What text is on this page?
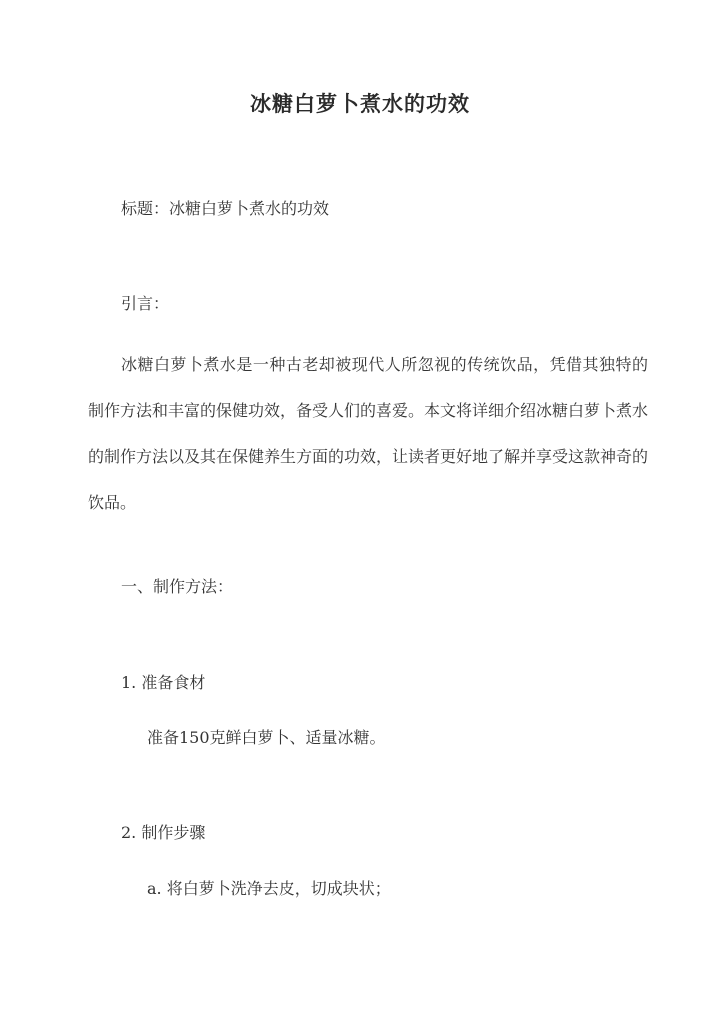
冰糖白萝卜煮水的功效
标题：冰糖白萝卜煮水的功效
引言：
冰糖白萝卜煮水是一种古老却被现代人所忽视的传统饮品，凭借其独特的制作方法和丰富的保健功效，备受人们的喜爱。本文将详细介绍冰糖白萝卜煮水的制作方法以及其在保健养生方面的功效，让读者更好地了解并享受这款神奇的饮品。
一、制作方法：
1. 准备食材
准备150克鲜白萝卜、适量冰糖。
2. 制作步骤
a. 将白萝卜洗净去皮，切成块状；
